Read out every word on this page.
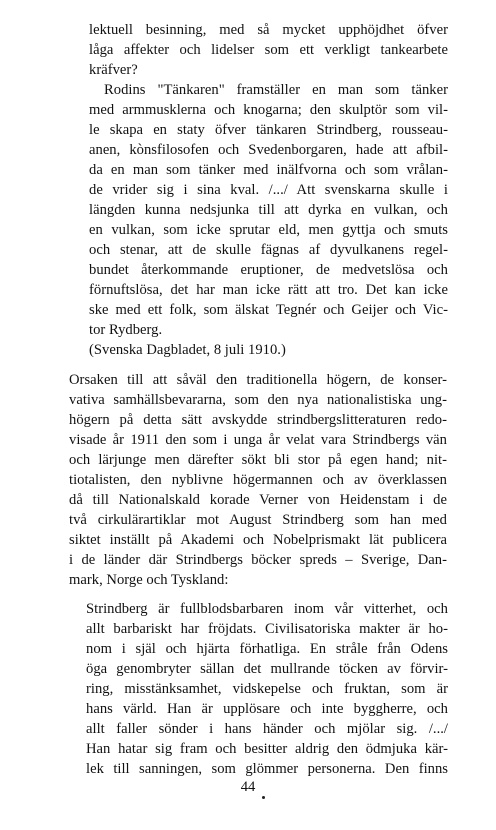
lektuell besinning, med så mycket upphöjdhet öfver
låga affekter och lidelser som ett verkligt tankearbete
kräfver?
Rodins "Tänkaren" framställer en man som tänker
med armmusklerna och knogarna; den skulptör som vil-
le skapa en staty öfver tänkaren Strindberg, rousseau-
anen, kònsfilosofen och Svedenborgaren, hade att afbil-
da en man som tänker med inälfvorna och som vrålan-
de vrider sig i sina kval. /.../ Att svenskarna skulle i
längden kunna nedsjunka till att dyrka en vulkan, och
en vulkan, som icke sprutar eld, men gyttja och smuts
och stenar, att de skulle fägnas af dyvulkanens regel-
bundet återkommande eruptioner, de medvetslösa och
förnuftslösa, det har man icke rätt att tro. Det kan icke
ske med ett folk, som älskat Tegnér och Geijer och Vic-
tor Rydberg.
(Svenska Dagbladet, 8 juli 1910.)
Orsaken till att såväl den traditionella högern, de konser-
vativa samhällsbevararna, som den nya nationalistiska ung-
högern på detta sätt avskydde strindbergslitteraturen redo-
visade år 1911 den som i unga år velat vara Strindbergs vän
och lärjunge men därefter sökt bli stor på egen hand; nit-
tiotalisten, den nyblivne högermannen och av överklassen
då till Nationalskald korade Verner von Heidenstam i de
två cirkulärartiklar mot August Strindberg som han med
siktet inställt på Akademi och Nobelprismakt lät publicera
i de länder där Strindbergs böcker spreds – Sverige, Dan-
mark, Norge och Tyskland:
Strindberg är fullblodsbarbaren inom vår vitterhet, och
allt barbariskt har fröjdats. Civilisatoriska makter är ho-
nom i själ och hjärta förhatliga. En stråle från Odens
öga genombryter sällan det mullrande töcken av förvir-
ring, misstänksamhet, vidskepelse och fruktan, som är
hans värld. Han är upplösare och inte byggherre, och
allt faller sönder i hans händer och mjölar sig. /.../
Han hatar sig fram och besitter aldrig den ödmjuka kär-
lek till sanningen, som glömmer personerna. Den finns
44
